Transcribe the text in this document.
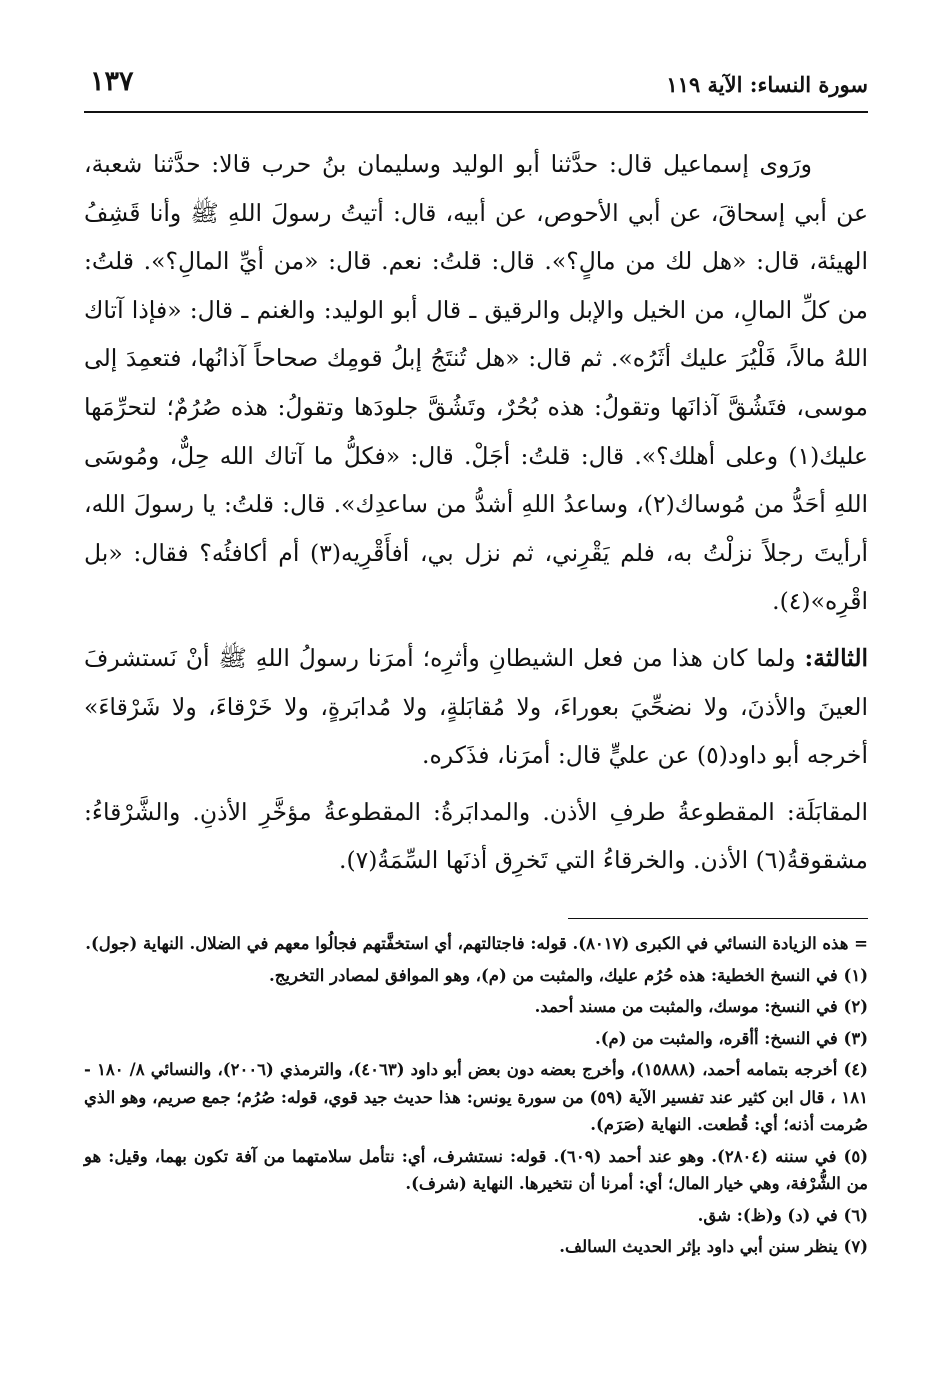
سورة النساء: الآية ١١٩
١٣٧

ورَوى إسماعيل قال: حدَّثنا أبو الوليد وسليمان بنُ حرب قالا: حدَّثنا شعبة، عن أبي إسحاقَ، عن أبي الأحوص، عن أبيه، قال: أتيتُ رسولَ اللهِ ﷺ وأنا قَشِفُ الهيئة، قال: «هل لك من مالٍ؟». قال: قلتُ: نعم. قال: «من أيِّ المالِ؟». قلتُ: من كلِّ المالِ، من الخيل والإبل والرقيق ـ قال أبو الوليد: والغنم ـ قال: «فإذا آتاك اللهُ مالاً، فَلْيُرَ عليك أثَرُه». ثم قال: «هل تُنتَجُ إبلُ قومِك صحاحاً آذانُها، فتعمِدَ إلى موسى، فتَشُقَّ آذانَها وتقولُ: هذه بُحُرٌ، وتَشُقَّ جلودَها وتقولُ: هذه صُرُمٌ؛ لتحرِّمَها عليك(١) وعلى أهلك؟». قال: قلتُ: أجَلْ. قال: «فكلُّ ما آتاك الله حِلٌّ، ومُوسَى اللهِ أحَدُّ من مُوساك(٢)، وساعدُ اللهِ أشدُّ من ساعدِك». قال: قلتُ: يا رسولَ الله، أرأيتَ رجلاً نزلْتُ به، فلم يَقْرِني، ثم نزل بي، أفأَقْرِيه(٣) أم أكافئُه؟ فقال: «بل اقْرِه»(٤).

الثالثة: ولما كان هذا من فعل الشيطانِ وأثرِه؛ أمرَنا رسولُ اللهِ ﷺ أنْ نَستشرفَ العينَ والأذنَ، ولا نضحِّيَ بعوراءَ، ولا مُقابَلةٍ، ولا مُدابَرةٍ، ولا خَرْقاءَ، ولا شَرْقاءَ» أخرجه أبو داود(٥) عن عليٍّ قال: أمرَنا، فذَكره.

المقابَلَة: المقطوعةُ طرفِ الأذن. والمدابَرةُ: المقطوعةُ مؤخَّرِ الأذنِ. والشَّرْقاءُ: مشقوقةُ(٦) الأذن. والخرقاءُ التي تَخرِق أذنَها السِّمَةُ(٧).

= هذه الزيادة النسائي في الكبرى (٨٠١٧). قوله: فاجتالتهم، أي استخفَّتهم فجالُوا معهم في الضلال. النهاية (جول).

(١) في النسخ الخطية: هذه حُرُم عليك، والمثبت من (م)، وهو الموافق لمصادر التخريج.

(٢) في النسخ: موسك، والمثبت من مسند أحمد.

(٣) في النسخ: أأقره، والمثبت من (م).

(٤) أخرجه بتمامه أحمد، (١٥٨٨٨)، وأخرج بعضه دون بعض أبو داود (٤٠٦٣)، والترمذي (٢٠٠٦)، والنسائي ٨/ ١٨٠ - ١٨١ ، قال ابن كثير عند تفسير الآية (٥٩) من سورة يونس: هذا حديث جيد قوي، قوله: صُرُم؛ جمع صريم، وهو الذي صُرمت أذنه؛ أي: قُطعت. النهاية (صَرَم).

(٥) في سننه (٢٨٠٤). وهو عند أحمد (٦٠٩). قوله: نستشرف، أي: نتأمل سلامتهما من آفة تكون بهما، وقيل: هو من الشُّرْفة، وهي خيار المال؛ أي: أمرنا أن نتخيرها. النهاية (شرف).

(٦) في (د) و(ظ): شق.

(٧) ينظر سنن أبي داود بإثر الحديث السالف.
